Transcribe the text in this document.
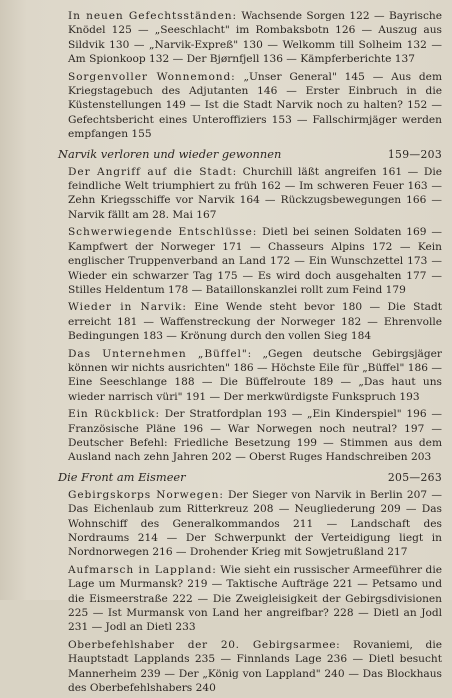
In neuen Gefechtsständen: Wachsende Sorgen 122 — Bayrische Knödel 125 — „Seeschlacht" im Rombaksbotn 126 — Auszug aus Sildvik 130 — „Narvik-Expreß" 130 — Welkomm till Solheim 132 — Am Spionkoop 132 — Der Bjørnfjell 136 — Kämpferberichte 137

Sorgenvoller Wonnemond: „Unser General" 145 — Aus dem Kriegstagebuch des Adjutanten 146 — Erster Einbruch in die Küstenstellungen 149 — Ist die Stadt Narvik noch zu halten? 152 — Gefechtsbericht eines Unteroffiziers 153 — Fallschirmjäger werden empfangen 155

Narvik verloren und wieder gewonnen	159—203

Der Angriff auf die Stadt: Churchill läßt angreifen 161 — Die feindliche Welt triumphiert zu früh 162 — Im schweren Feuer 163 — Zehn Kriegsschiffe vor Narvik 164 — Rückzugsbewegungen 166 — Narvik fällt am 28. Mai 167

Schwerwiegende Entschlüsse: Dietl bei seinen Soldaten 169 — Kampfwert der Norweger 171 — Chasseurs Alpins 172 — Kein englischer Truppenverband an Land 172 — Ein Wunschzettel 173 — Wieder ein schwarzer Tag 175 — Es wird doch ausgehalten 177 — Stilles Heldentum 178 — Bataillonskanzlei rollt zum Feind 179

Wieder in Narvik: Eine Wende steht bevor 180 — Die Stadt erreicht 181 — Waffenstreckung der Norweger 182 — Ehrenvolle Bedingungen 183 — Krönung durch den vollen Sieg 184

Das Unternehmen „Büffel": „Gegen deutsche Gebirgsjäger können wir nichts ausrichten" 186 — Höchste Eile für „Büffel" 186 — Eine Seeschlange 188 — Die Büffelroute 189 — „Das haut uns wieder narrisch vüri" 191 — Der merkwürdigste Funkspruch 193

Ein Rückblick: Der Stratfordplan 193 — „Ein Kinderspiel" 196 — Französische Pläne 196 — War Norwegen noch neutral? 197 — Deutscher Befehl: Friedliche Besetzung 199 — Stimmen aus dem Ausland nach zehn Jahren 202 — Oberst Ruges Handschreiben 203

Die Front am Eismeer	205—263

Gebirgskorps Norwegen: Der Sieger von Narvik in Berlin 207 — Das Eichenlaub zum Ritterkreuz 208 — Neugliederung 209 — Das Wohnschiff des Generalkommandos 211 — Landschaft des Nordraums 214 — Der Schwerpunkt der Verteidigung liegt in Nordnorwegen 216 — Drohender Krieg mit Sowjetrußland 217

Aufmarsch in Lappland: Wie sieht ein russischer Armeeführer die Lage um Murmansk? 219 — Taktische Aufträge 221 — Petsamo und die Eismeerstraße 222 — Die Zweigleisigkeit der Gebirgsdivisionen 225 — Ist Murmansk von Land her angreifbar? 228 — Dietl an Jodl 231 — Jodl an Dietl 233

Oberbefehlshaber der 20. Gebirgsarmee: Rovaniemi, die Hauptstadt Lapplands 235 — Finnlands Lage 236 — Dietl besucht Mannerheim 239 — Der „König von Lappland" 240 — Das Blockhaus des Oberbefehlshabers 240
